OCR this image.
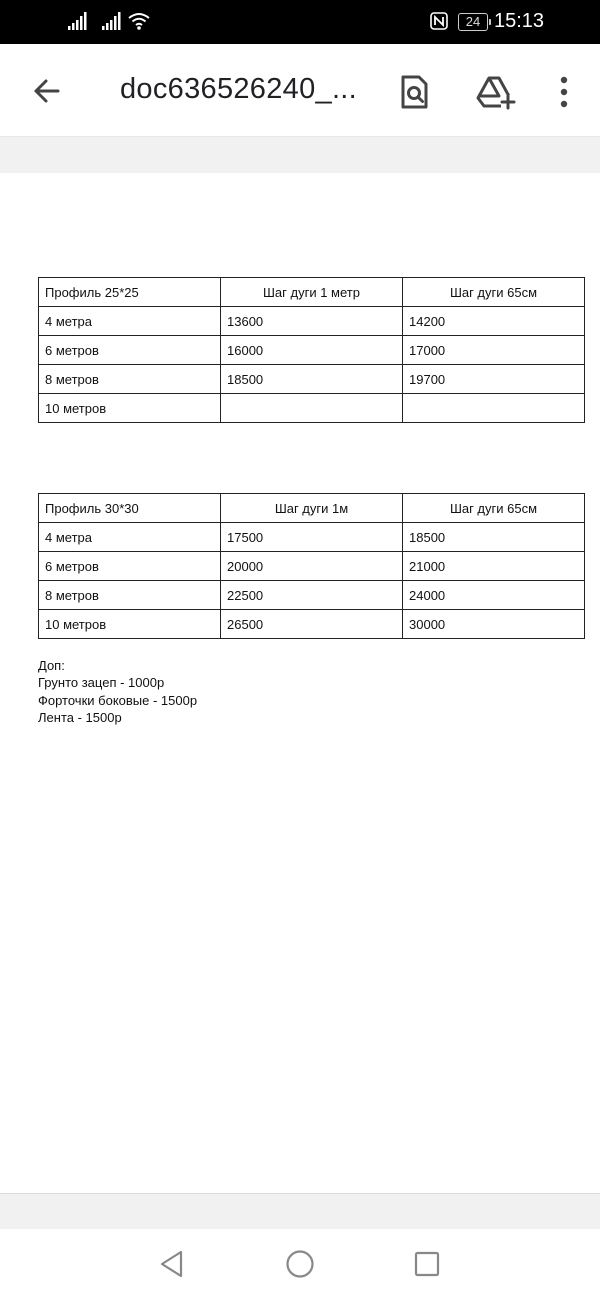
24 15:13
doc636526240_...
Профиль 25*25	Шаг дуги 1 метр	Шаг дуги 65см
4 метра	13600	14200
6 метров	16000	17000
8 метров	18500	19700
10 метров		
Профиль 30*30	Шаг дуги 1м	Шаг дуги 65см
4 метра	17500	18500
6 метров	20000	21000
8 метров	22500	24000
10 метров	26500	30000
Доп:
Грунто зацеп - 1000р
Форточки боковые - 1500р
Лента - 1500р
